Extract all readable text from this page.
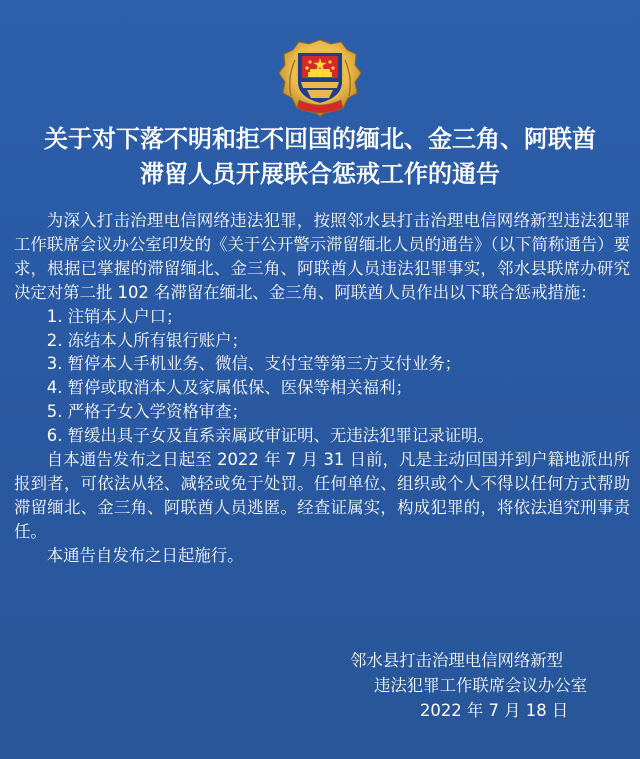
关于对下落不明和拒不回国的缅北、金三角、阿联酋
滞留人员开展联合惩戒工作的通告

为深入打击治理电信网络违法犯罪，按照邻水县打击治理电信网络新型违法犯罪工作联席会议办公室印发的《关于公开警示滞留缅北人员的通告》（以下简称通告）要求，根据已掌握的滞留缅北、金三角、阿联酋人员违法犯罪事实，邻水县联席办研究决定对第二批 102 名滞留在缅北、金三角、阿联酋人员作出以下联合惩戒措施：

1. 注销本人户口；
2. 冻结本人所有银行账户；
3. 暂停本人手机业务、微信、支付宝等第三方支付业务；
4. 暂停或取消本人及家属低保、医保等相关福利；
5. 严格子女入学资格审查；
6. 暂缓出具子女及直系亲属政审证明、无违法犯罪记录证明。

自本通告发布之日起至 2022 年 7 月 31 日前，凡是主动回国并到户籍地派出所报到者，可依法从轻、减轻或免于处罚。任何单位、组织或个人不得以任何方式帮助滞留缅北、金三角、阿联酋人员逃匿。经查证属实，构成犯罪的，将依法追究刑事责任。

本通告自发布之日起施行。

邻水县打击治理电信网络新型
违法犯罪工作联席会议办公室
2022 年 7 月 18 日
